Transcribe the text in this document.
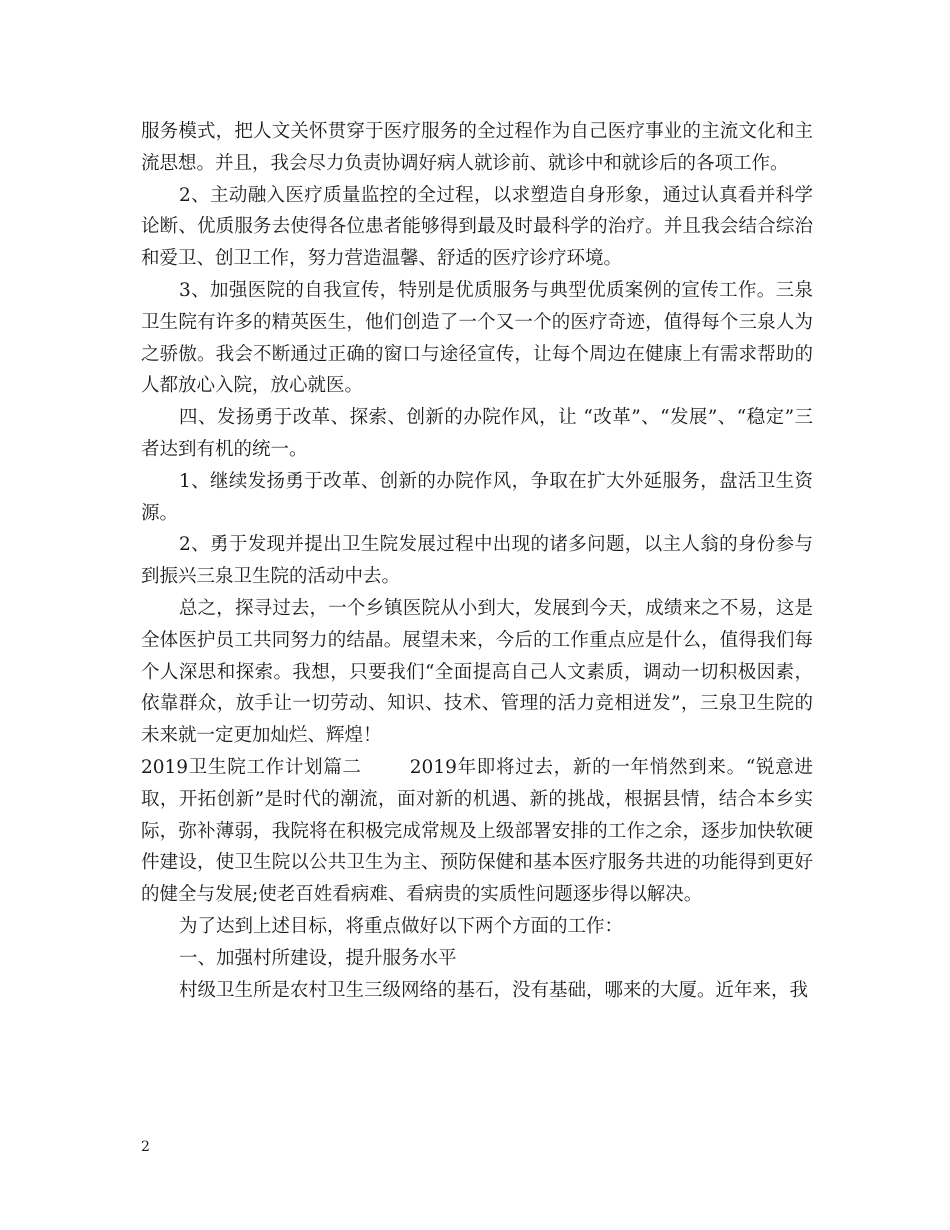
服务模式，把人文关怀贯穿于医疗服务的全过程作为自己医疗事业的主流文化和主流思想。并且，我会尽力负责协调好病人就诊前、就诊中和就诊后的各项工作。

2、主动融入医疗质量监控的全过程，以求塑造自身形象，通过认真看并科学论断、优质服务去使得各位患者能够得到最及时最科学的治疗。并且我会结合综治和爱卫、创卫工作，努力营造温馨、舒适的医疗诊疗环境。

3、加强医院的自我宣传，特别是优质服务与典型优质案例的宣传工作。三泉卫生院有许多的精英医生，他们创造了一个又一个的医疗奇迹，值得每个三泉人为之骄傲。我会不断通过正确的窗口与途径宣传，让每个周边在健康上有需求帮助的人都放心入院，放心就医。

四、发扬勇于改革、探索、创新的办院作风，让 “改革”、“发展”、“稳定”三者达到有机的统一。

1、继续发扬勇于改革、创新的办院作风，争取在扩大外延服务，盘活卫生资源。

2、勇于发现并提出卫生院发展过程中出现的诸多问题，以主人翁的身份参与到振兴三泉卫生院的活动中去。

总之，探寻过去，一个乡镇医院从小到大，发展到今天，成绩来之不易，这是全体医护员工共同努力的结晶。展望未来，今后的工作重点应是什么，值得我们每个人深思和探索。我想，只要我们“全面提高自己人文素质，调动一切积极因素，依靠群众，放手让一切劳动、知识、技术、管理的活力竞相迸发”，三泉卫生院的未来就一定更加灿烂、辉煌！

2019卫生院工作计划篇二	2019年即将过去，新的一年悄然到来。“锐意进取，开拓创新”是时代的潮流，面对新的机遇、新的挑战，根据县情，结合本乡实际，弥补薄弱，我院将在积极完成常规及上级部署安排的工作之余，逐步加快软硬件建设，使卫生院以公共卫生为主、预防保健和基本医疗服务共进的功能得到更好的健全与发展;使老百姓看病难、看病贵的实质性问题逐步得以解决。

为了达到上述目标，将重点做好以下两个方面的工作：

一、加强村所建设，提升服务水平

村级卫生所是农村卫生三级网络的基石，没有基础，哪来的大厦。近年来，我

2
